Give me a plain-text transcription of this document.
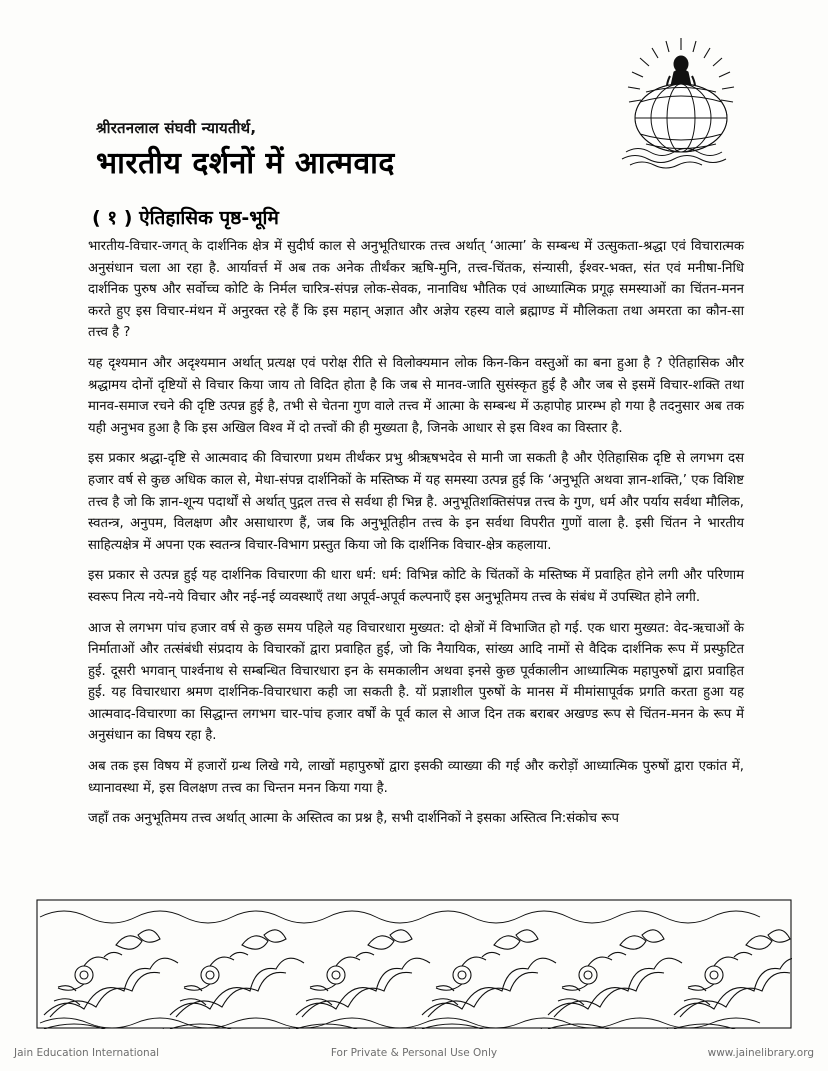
श्रीरतनलाल संघवी न्यायतीर्थ,
भारतीय दर्शनों में आत्मवाद
( १ ) ऐतिहासिक पृष्ठ-भूमि

भारतीय-विचार-जगत् के दार्शनिक क्षेत्र में सुदीर्घ काल से अनुभूतिधारक तत्त्व अर्थात् ‘आत्मा’ के सम्बन्ध में उत्सुकता-श्रद्धा एवं विचारात्मक अनुसंधान चला आ रहा है. आर्यावर्त्त में अब तक अनेक तीर्थंकर ऋषि-मुनि, तत्त्व-चिंतक, संन्यासी, ईश्वर-भक्त, संत एवं मनीषा-निधि दार्शनिक पुरुष और सर्वोच्च कोटि के निर्मल चारित्र-संपन्न लोक-सेवक, नानाविध भौतिक एवं आध्यात्मिक प्रगूढ़ समस्याओं का चिंतन-मनन करते हुए इस विचार-मंथन में अनुरक्त रहे हैं कि इस महान् अज्ञात और अज्ञेय रहस्य वाले ब्रह्माण्ड में मौलिकता तथा अमरता का कौन-सा तत्त्व है ?

यह दृश्यमान और अदृश्यमान अर्थात् प्रत्यक्ष एवं परोक्ष रीति से विलोक्यमान लोक किन-किन वस्तुओं का बना हुआ है ? ऐतिहासिक और श्रद्धामय दोनों दृष्टियों से विचार किया जाय तो विदित होता है कि जब से मानव-जाति सुसंस्कृत हुई है और जब से इसमें विचार-शक्ति तथा मानव-समाज रचने की दृष्टि उत्पन्न हुई है, तभी से चेतना गुण वाले तत्त्व में आत्मा के सम्बन्ध में ऊहापोह प्रारम्भ हो गया है तदनुसार अब तक यही अनुभव हुआ है कि इस अखिल विश्व में दो तत्त्वों की ही मुख्यता है, जिनके आधार से इस विश्व का विस्तार है.

इस प्रकार श्रद्धा-दृष्टि से आत्मवाद की विचारणा प्रथम तीर्थंकर प्रभु श्रीऋषभदेव से मानी जा सकती है और ऐतिहासिक दृष्टि से लगभग दस हजार वर्ष से कुछ अधिक काल से, मेधा-संपन्न दार्शनिकों के मस्तिष्क में यह समस्या उत्पन्न हुई कि ‘अनुभूति अथवा ज्ञान-शक्ति,’ एक विशिष्ट तत्त्व है जो कि ज्ञान-शून्य पदार्थों से अर्थात् पुद्गल तत्त्व से सर्वथा ही भिन्न है. अनुभूतिशक्तिसंपन्न तत्त्व के गुण, धर्म और पर्याय सर्वथा मौलिक, स्वतन्त्र, अनुपम, विलक्षण और असाधारण हैं, जब कि अनुभूतिहीन तत्त्व के इन सर्वथा विपरीत गुणों वाला है. इसी चिंतन ने भारतीय साहित्यक्षेत्र में अपना एक स्वतन्त्र विचार-विभाग प्रस्तुत किया जो कि दार्शनिक विचार-क्षेत्र कहलाया.

इस प्रकार से उत्पन्न हुई यह दार्शनिक विचारणा की धारा धर्म: धर्म: विभिन्न कोटि के चिंतकों के मस्तिष्क में प्रवाहित होने लगी और परिणाम स्वरूप नित्य नये-नये विचार और नई-नई व्यवस्थाएँ तथा अपूर्व-अपूर्व कल्पनाएँ इस अनुभूतिमय तत्त्व के संबंध में उपस्थित होने लगी.

आज से लगभग पांच हजार वर्ष से कुछ समय पहिले यह विचारधारा मुख्यत: दो क्षेत्रों में विभाजित हो गई. एक धारा मुख्यत: वेद-ऋचाओं के निर्माताओं और तत्संबंधी संप्रदाय के विचारकों द्वारा प्रवाहित हुई, जो कि नैयायिक, सांख्य आदि नामों से वैदिक दार्शनिक रूप में प्रस्फुटित हुई. दूसरी भगवान् पार्श्वनाथ से सम्बन्धित विचारधारा इन के समकालीन अथवा इनसे कुछ पूर्वकालीन आध्यात्मिक महापुरुषों द्वारा प्रवाहित हुई. यह विचारधारा श्रमण दार्शनिक-विचारधारा कही जा सकती है. यों प्रज्ञाशील पुरुषों के मानस में मीमांसापूर्वक प्रगति करता हुआ यह आत्मवाद-विचारणा का सिद्धान्त लगभग चार-पांच हजार वर्षों के पूर्व काल से आज दिन तक बराबर अखण्ड रूप से चिंतन-मनन के रूप में अनुसंधान का विषय रहा है.

अब तक इस विषय में हजारों ग्रन्थ लिखे गये, लाखों महापुरुषों द्वारा इसकी व्याख्या की गई और करोड़ों आध्यात्मिक पुरुषों द्वारा एकांत में, ध्यानावस्था में, इस विलक्षण तत्त्व का चिन्तन मनन किया गया है.

जहाँ तक अनुभूतिमय तत्त्व अर्थात् आत्मा के अस्तित्व का प्रश्न है, सभी दार्शनिकों ने इसका अस्तित्व नि:संकोच रूप

Jain Education International	For Private & Personal Use Only	www.jainelibrary.org
